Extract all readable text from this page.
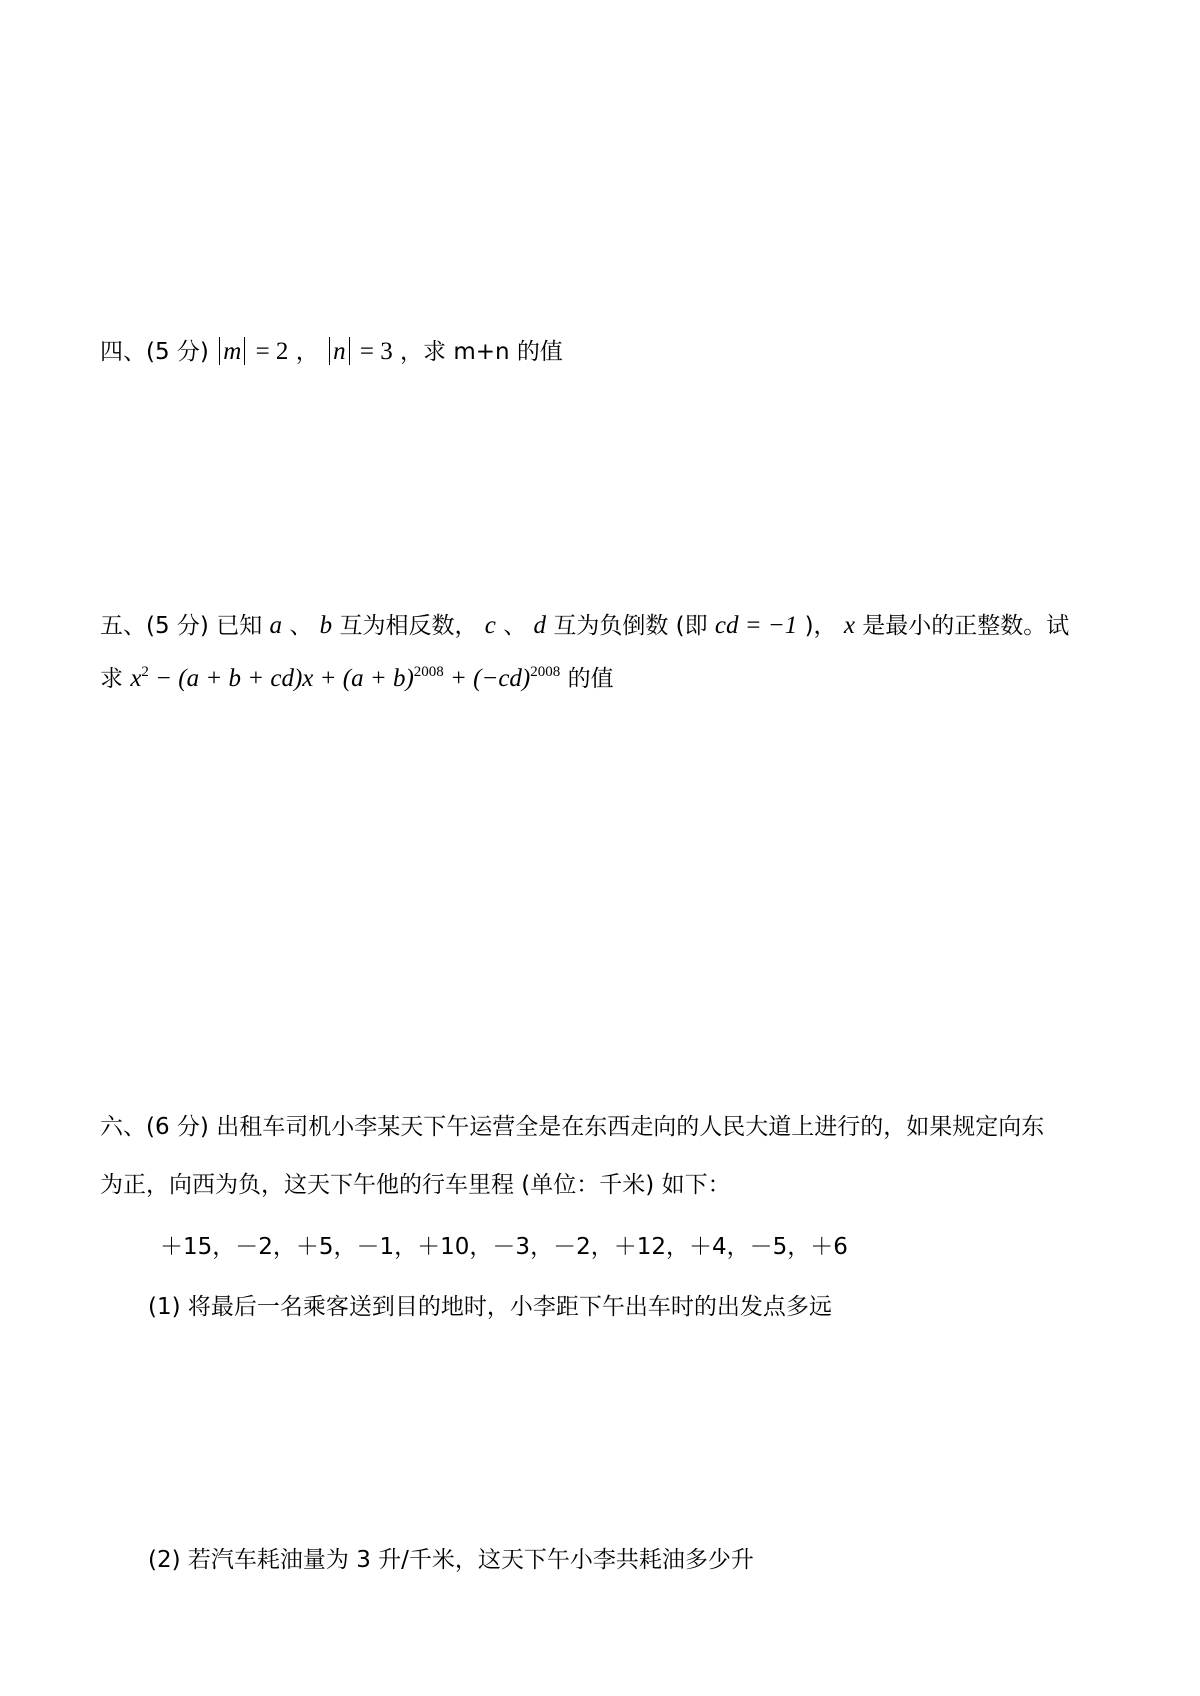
四、(5 分) m = 2 ， n = 3 ，求 m+n 的值
五、(5 分) 已知 a 、 b 互为相反数， c 、 d 互为负倒数 (即 cd = −1 )， x 是最小的正整数。试
求 $x^2 - (a + b + cd)x + (a + b)^{2008} + (-cd)^{2008}$ 的值
六、(6 分) 出租车司机小李某天下午运营全是在东西走向的人民大道上进行的，如果规定向东
为正，向西为负，这天下午他的行车里程 (单位：千米) 如下：
＋15，－2，＋5，－1，＋10，－3，－2，＋12，＋4，－5，＋6
(1) 将最后一名乘客送到目的地时，小李距下午出车时的出发点多远
(2) 若汽车耗油量为 3 升/千米，这天下午小李共耗油多少升
